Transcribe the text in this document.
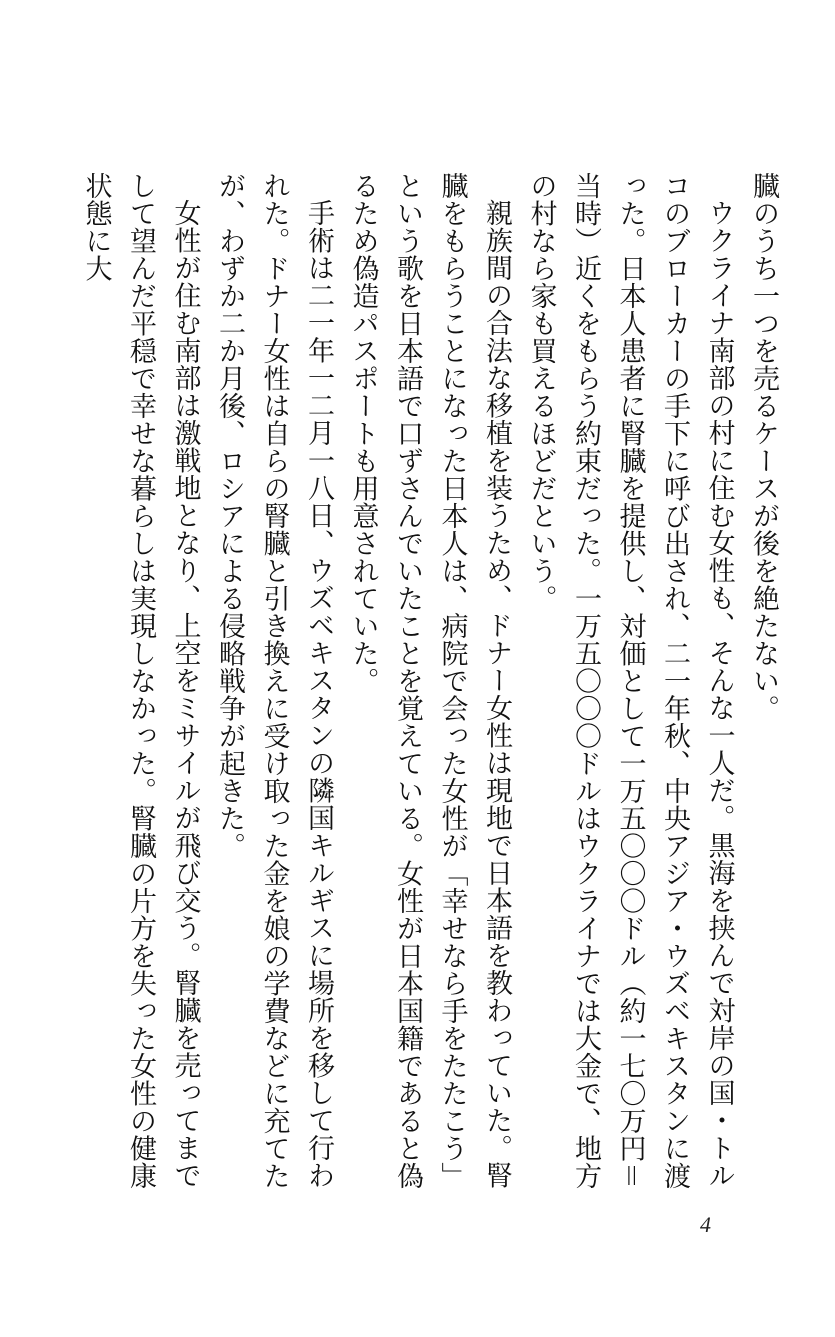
臓のうち一つを売るケースが後を絶たない。

ウクライナ南部の村に住む女性も、そんな一人だ。黒海を挟んで対岸の国・トルコのブローカーの手下に呼び出され、二一年秋、中央アジア・ウズベキスタンに渡った。日本人患者に腎臓を提供し、対価として一万五〇〇〇ドル（約一七〇万円＝当時）近くをもらう約束だった。一万五〇〇〇ドルはウクライナでは大金で、地方の村なら家も買えるほどだという。

親族間の合法な移植を装うため、ドナー女性は現地で日本語を教わっていた。腎臓をもらうことになった日本人は、病院で会った女性が「幸せなら手をたたこう」という歌を日本語で口ずさんでいたことを覚えている。女性が日本国籍であると偽るため偽造パスポートも用意されていた。

手術は二一年一二月一八日、ウズベキスタンの隣国キルギスに場所を移して行われた。ドナー女性は自らの腎臓と引き換えに受け取った金を娘の学費などに充てたが、わずか二か月後、ロシアによる侵略戦争が起きた。

女性が住む南部は激戦地となり、上空をミサイルが飛び交う。腎臓を売ってまでして望んだ平穏で幸せな暮らしは実現しなかった。腎臓の片方を失った女性の健康状態に大

4
